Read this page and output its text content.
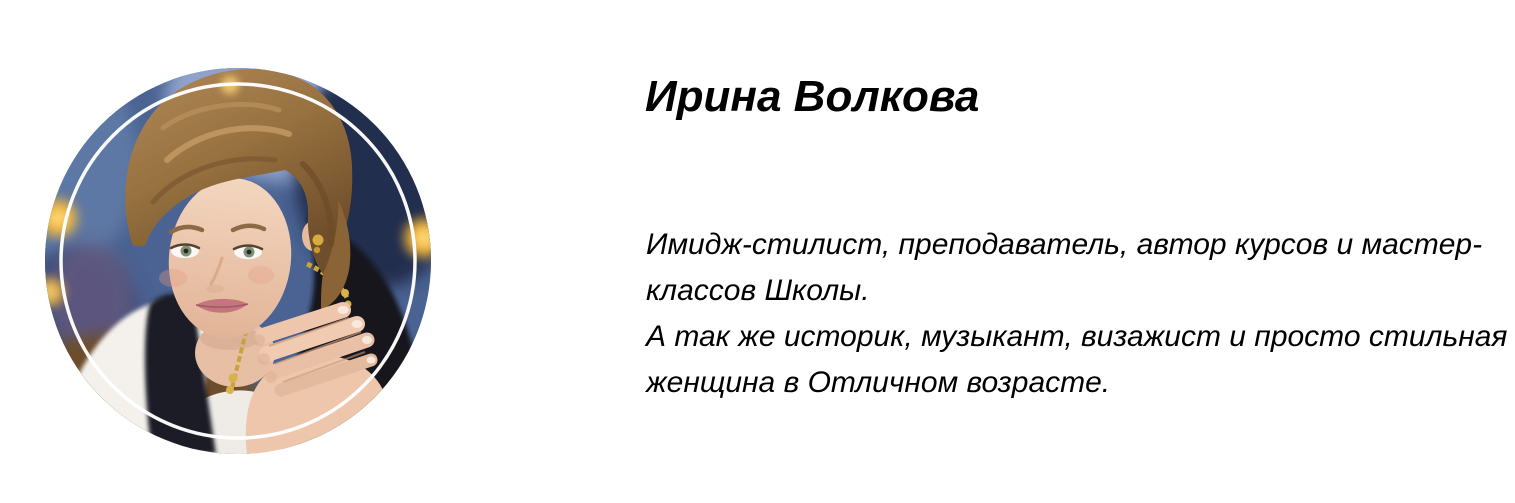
Ирина Волкова

Имидж-стилист, преподаватель, автор курсов и мастер-
классов Школы.
А так же историк, музыкант, визажист и просто стильная
женщина в Отличном возрасте.
